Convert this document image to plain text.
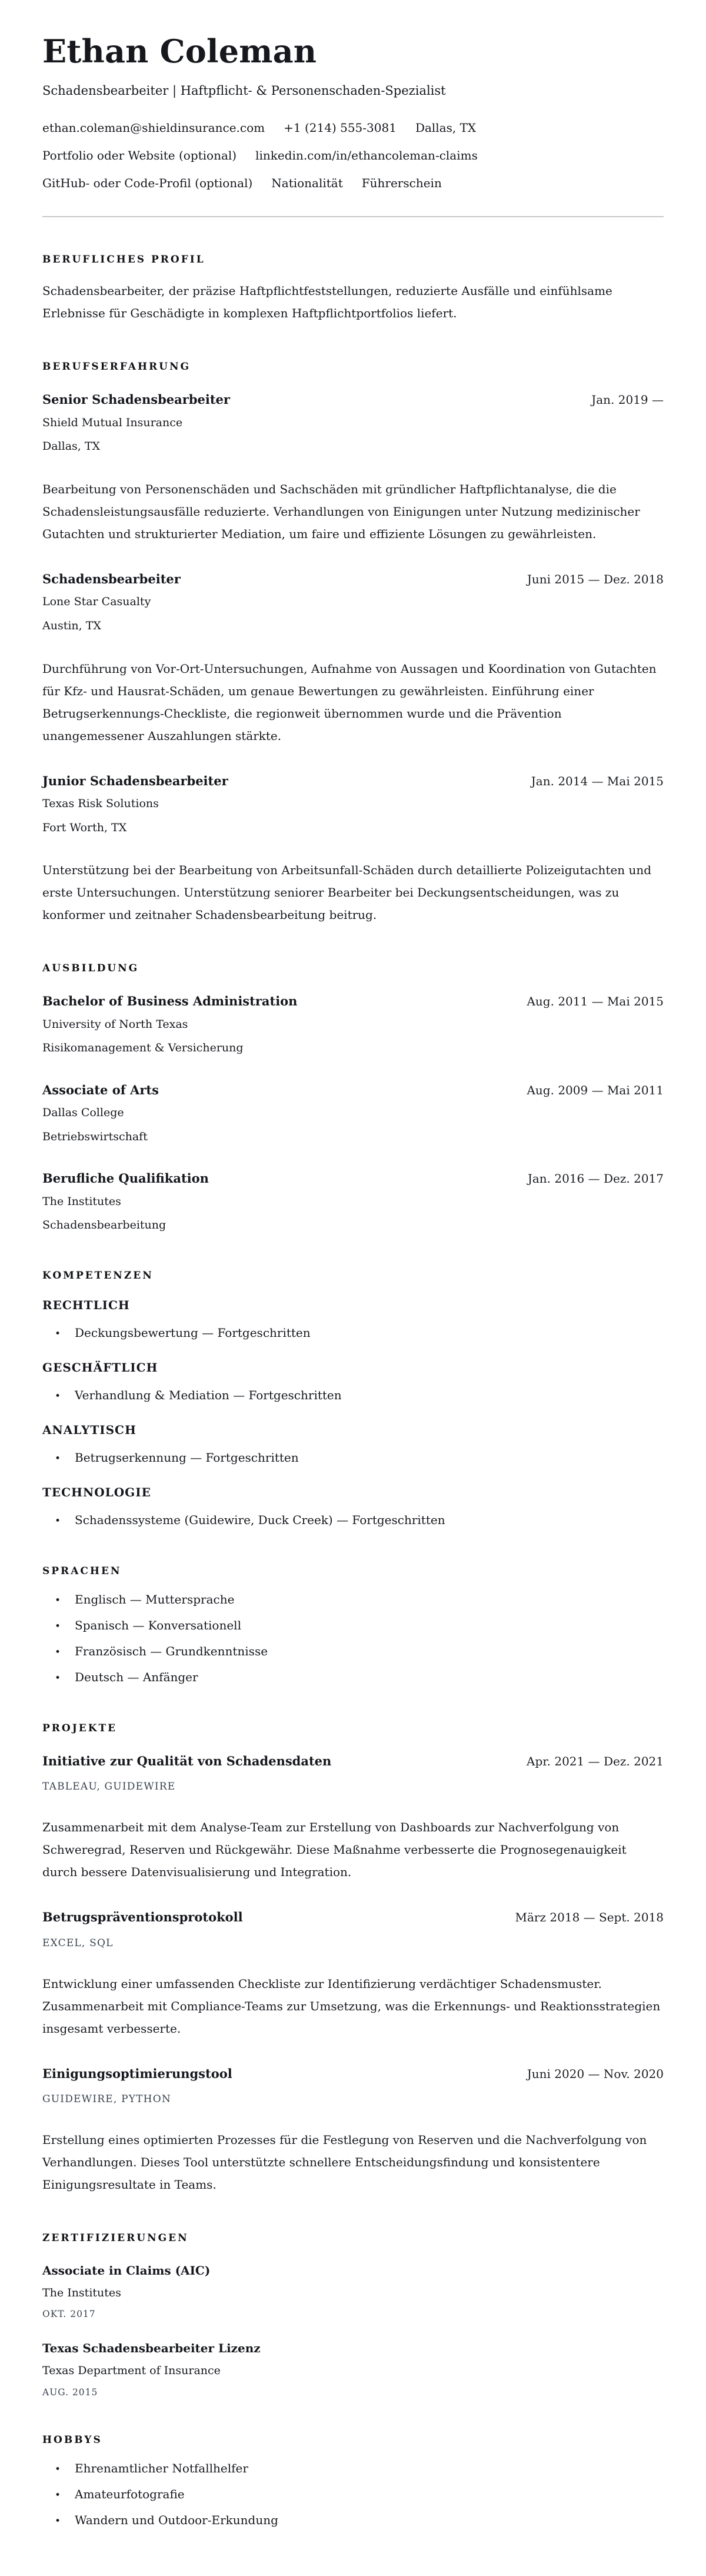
Ethan Coleman
Schadensbearbeiter | Haftpflicht- & Personenschaden-Spezialist
ethan.coleman@shieldinsurance.com +1 (214) 555-3081 Dallas, TX
Portfolio oder Website (optional) linkedin.com/in/ethancoleman-claims
GitHub- oder Code-Profil (optional) Nationalität Führerschein
BERUFLICHES PROFIL

Schadensbearbeiter, der präzise Haftpflichtfeststellungen, reduzierte Ausfälle und einfühlsame Erlebnisse für Geschädigte in komplexen Haftpflichtportfolios liefert.

BERUFSERFAHRUNG
Senior Schadensbearbeiter	Jan. 2019 —
Shield Mutual Insurance
Dallas, TX

Bearbeitung von Personenschäden und Sachschäden mit gründlicher Haftpflichtanalyse, die die Schadensleistungsausfälle reduzierte. Verhandlungen von Einigungen unter Nutzung medizinischer Gutachten und strukturierter Mediation, um faire und effiziente Lösungen zu gewährleisten.

Schadensbearbeiter	Juni 2015 — Dez. 2018
Lone Star Casualty
Austin, TX

Durchführung von Vor-Ort-Untersuchungen, Aufnahme von Aussagen und Koordination von Gutachten für Kfz- und Hausrat-Schäden, um genaue Bewertungen zu gewährleisten. Einführung einer Betrugserkennungs-Checkliste, die regionweit übernommen wurde und die Prävention unangemessener Auszahlungen stärkte.

Junior Schadensbearbeiter	Jan. 2014 — Mai 2015
Texas Risk Solutions
Fort Worth, TX

Unterstützung bei der Bearbeitung von Arbeitsunfall-Schäden durch detaillierte Polizeigutachten und erste Untersuchungen. Unterstützung seniorer Bearbeiter bei Deckungsentscheidungen, was zu konformer und zeitnaher Schadensbearbeitung beitrug.

AUSBILDUNG
Bachelor of Business Administration	Aug. 2011 — Mai 2015
University of North Texas
Risikomanagement & Versicherung
Associate of Arts	Aug. 2009 — Mai 2011
Dallas College
Betriebswirtschaft
Berufliche Qualifikation	Jan. 2016 — Dez. 2017
The Institutes
Schadensbearbeitung
KOMPETENZEN
RECHTLICH
•
Deckungsbewertung — Fortgeschritten
GESCHÄFTLICH
•
Verhandlung & Mediation — Fortgeschritten
ANALYTISCH
•
Betrugserkennung — Fortgeschritten
TECHNOLOGIE
•
Schadenssysteme (Guidewire, Duck Creek) — Fortgeschritten
SPRACHEN
•
Englisch — Muttersprache
•
Spanisch — Konversationell
•
Französisch — Grundkenntnisse
•
Deutsch — Anfänger
PROJEKTE
Initiative zur Qualität von Schadensdaten	Apr. 2021 — Dez. 2021
TABLEAU, GUIDEWIRE

Zusammenarbeit mit dem Analyse-Team zur Erstellung von Dashboards zur Nachverfolgung von Schweregrad, Reserven und Rückgewähr. Diese Maßnahme verbesserte die Prognosegenauigkeit durch bessere Datenvisualisierung und Integration.

Betrugspräventionsprotokoll	März 2018 — Sept. 2018
EXCEL, SQL

Entwicklung einer umfassenden Checkliste zur Identifizierung verdächtiger Schadensmuster. Zusammenarbeit mit Compliance-Teams zur Umsetzung, was die Erkennungs- und Reaktionsstrategien insgesamt verbesserte.

Einigungsoptimierungstool	Juni 2020 — Nov. 2020
GUIDEWIRE, PYTHON

Erstellung eines optimierten Prozesses für die Festlegung von Reserven und die Nachverfolgung von Verhandlungen. Dieses Tool unterstützte schnellere Entscheidungsfindung und konsistentere Einigungsresultate in Teams.

ZERTIFIZIERUNGEN
Associate in Claims (AIC)
The Institutes
OKT. 2017
Texas Schadensbearbeiter Lizenz
Texas Department of Insurance
AUG. 2015
HOBBYS
•
Ehrenamtlicher Notfallhelfer
•
Amateurfotografie
•
Wandern und Outdoor-Erkundung
